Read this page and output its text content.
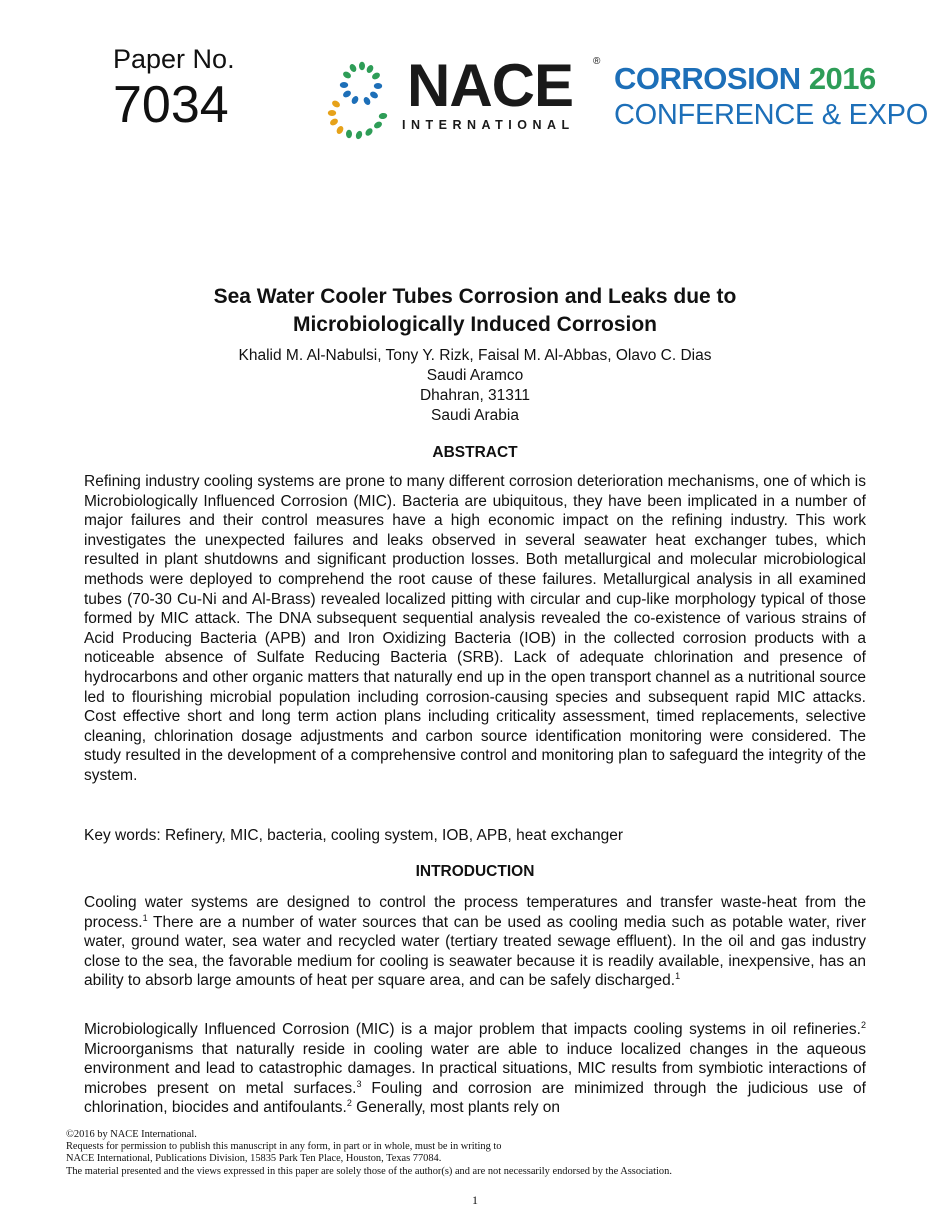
Paper No.
7034	NACE ®
INTERNATIONAL
CORROSION 2016
CONFERENCE & EXPO
Sea Water Cooler Tubes Corrosion and Leaks due to
Microbiologically Induced Corrosion
Khalid M. Al-Nabulsi, Tony Y. Rizk, Faisal M. Al-Abbas, Olavo C. Dias
Saudi Aramco
Dhahran, 31311
Saudi Arabia
ABSTRACT

Refining industry cooling systems are prone to many different corrosion deterioration mechanisms, one of which is Microbiologically Influenced Corrosion (MIC). Bacteria are ubiquitous, they have been implicated in a number of major failures and their control measures have a high economic impact on the refining industry. This work investigates the unexpected failures and leaks observed in several seawater heat exchanger tubes, which resulted in plant shutdowns and significant production losses. Both metallurgical and molecular microbiological methods were deployed to comprehend the root cause of these failures. Metallurgical analysis in all examined tubes (70-30 Cu-Ni and Al-Brass) revealed localized pitting with circular and cup-like morphology typical of those formed by MIC attack. The DNA subsequent sequential analysis revealed the co-existence of various strains of Acid Producing Bacteria (APB) and Iron Oxidizing Bacteria (IOB) in the collected corrosion products with a noticeable absence of Sulfate Reducing Bacteria (SRB). Lack of adequate chlorination and presence of hydrocarbons and other organic matters that naturally end up in the open transport channel as a nutritional source led to flourishing microbial population including corrosion-causing species and subsequent rapid MIC attacks. Cost effective short and long term action plans including criticality assessment, timed replacements, selective cleaning, chlorination dosage adjustments and carbon source identification monitoring were considered. The study resulted in the development of a comprehensive control and monitoring plan to safeguard the integrity of the system.

Key words: Refinery, MIC, bacteria, cooling system, IOB, APB, heat exchanger

INTRODUCTION

Cooling water systems are designed to control the process temperatures and transfer waste-heat from the process.$^1$ There are a number of water sources that can be used as cooling media such as potable water, river water, ground water, sea water and recycled water (tertiary treated sewage effluent). In the oil and gas industry close to the sea, the favorable medium for cooling is seawater because it is readily available, inexpensive, has an ability to absorb large amounts of heat per square area, and can be safely discharged.$^1$

Microbiologically Influenced Corrosion (MIC) is a major problem that impacts cooling systems in oil refineries.$^2$ Microorganisms that naturally reside in cooling water are able to induce localized changes in the aqueous environment and lead to catastrophic damages. In practical situations, MIC results from symbiotic interactions of microbes present on metal surfaces.$^3$ Fouling and corrosion are minimized through the judicious use of chlorination, biocides and antifoulants.$^2$ Generally, most plants rely on

©2016 by NACE International.
Requests for permission to publish this manuscript in any form, in part or in whole, must be in writing to
NACE International, Publications Division, 15835 Park Ten Place, Houston, Texas 77084.
The material presented and the views expressed in this paper are solely those of the author(s) and are not necessarily endorsed by the Association.
1
